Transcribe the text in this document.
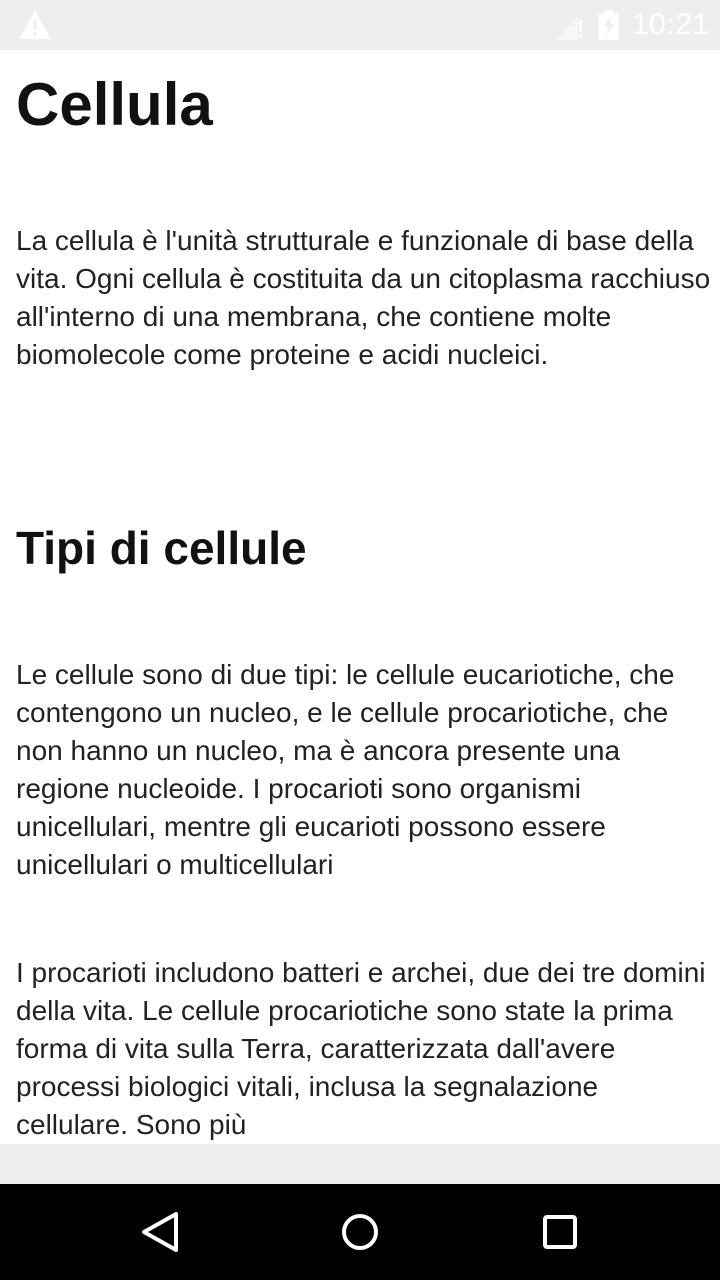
10:21
Cellula

La cellula è l'unità strutturale e funzionale di base della vita. Ogni cellula è costituita da un citoplasma racchiuso all'interno di una membrana, che contiene molte biomolecole come proteine e acidi nucleici.

Tipi di cellule

Le cellule sono di due tipi: le cellule eucariotiche, che contengono un nucleo, e le cellule procariotiche, che non hanno un nucleo, ma è ancora presente una regione nucleoide. I procarioti sono organismi unicellulari, mentre gli eucarioti possono essere unicellulari o multicellulari

I procarioti includono batteri e archei, due dei tre domini della vita. Le cellule procariotiche sono state la prima forma di vita sulla Terra, caratterizzata dall'avere processi biologici vitali, inclusa la segnalazione cellulare. Sono più
